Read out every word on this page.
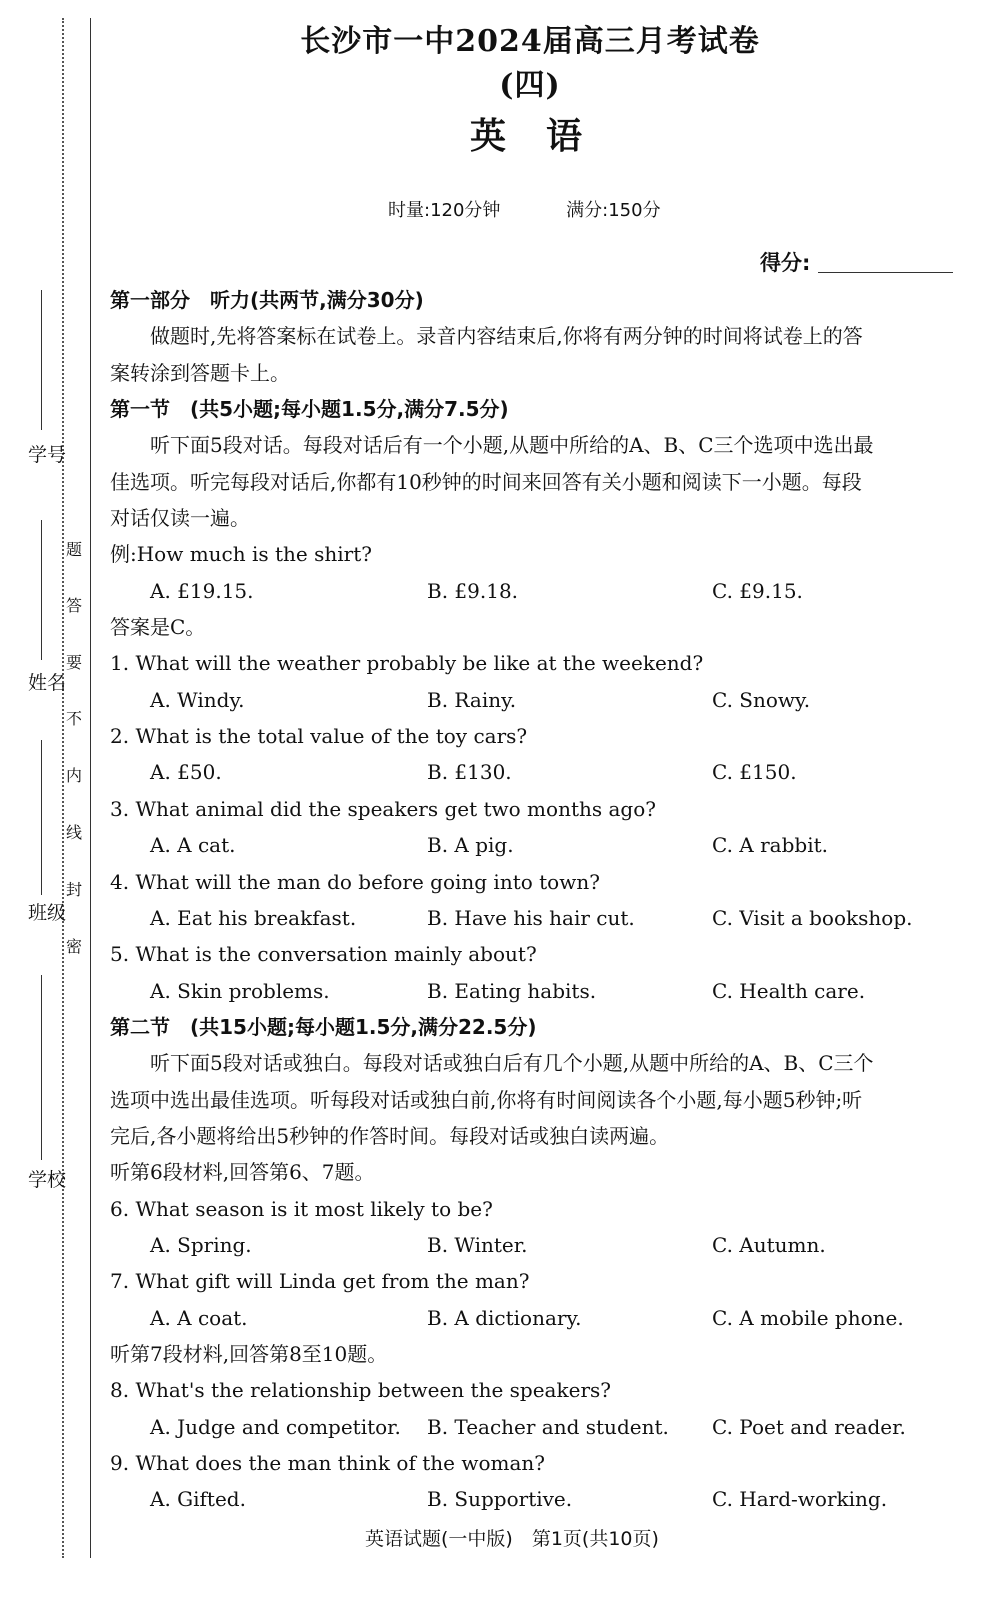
学号
姓名
班级
学校
题
答
要
不
内
线
封
密
长沙市一中2024届高三月考试卷(四)
英语
时量:120分钟	满分:150分
得分:
第一部分　听力(共两节,满分30分)
做题时,先将答案标在试卷上。录音内容结束后,你将有两分钟的时间将试卷上的答
案转涂到答题卡上。
第一节　(共5小题;每小题1.5分,满分7.5分)
听下面5段对话。每段对话后有一个小题,从题中所给的A、B、C三个选项中选出最
佳选项。听完每段对话后,你都有10秒钟的时间来回答有关小题和阅读下一小题。每段
对话仅读一遍。
例:How much is the shirt?
A. £19.15.	B. £9.18.	C. £9.15.
答案是C。
1. What will the weather probably be like at the weekend?
A. Windy.	B. Rainy.	C. Snowy.
2. What is the total value of the toy cars?
A. £50.	B. £130.	C. £150.
3. What animal did the speakers get two months ago?
A. A cat.	B. A pig.	C. A rabbit.
4. What will the man do before going into town?
A. Eat his breakfast.	B. Have his hair cut.	C. Visit a bookshop.
5. What is the conversation mainly about?
A. Skin problems.	B. Eating habits.	C. Health care.
第二节　(共15小题;每小题1.5分,满分22.5分)
听下面5段对话或独白。每段对话或独白后有几个小题,从题中所给的A、B、C三个
选项中选出最佳选项。听每段对话或独白前,你将有时间阅读各个小题,每小题5秒钟;听
完后,各小题将给出5秒钟的作答时间。每段对话或独白读两遍。
听第6段材料,回答第6、7题。
6. What season is it most likely to be?
A. Spring.	B. Winter.	C. Autumn.
7. What gift will Linda get from the man?
A. A coat.	B. A dictionary.	C. A mobile phone.
听第7段材料,回答第8至10题。
8. What's the relationship between the speakers?
A. Judge and competitor. B. Teacher and student. C. Poet and reader.
9. What does the man think of the woman?
A. Gifted.	B. Supportive.	C. Hard-working.
英语试题(一中版)　第1页(共10页)
